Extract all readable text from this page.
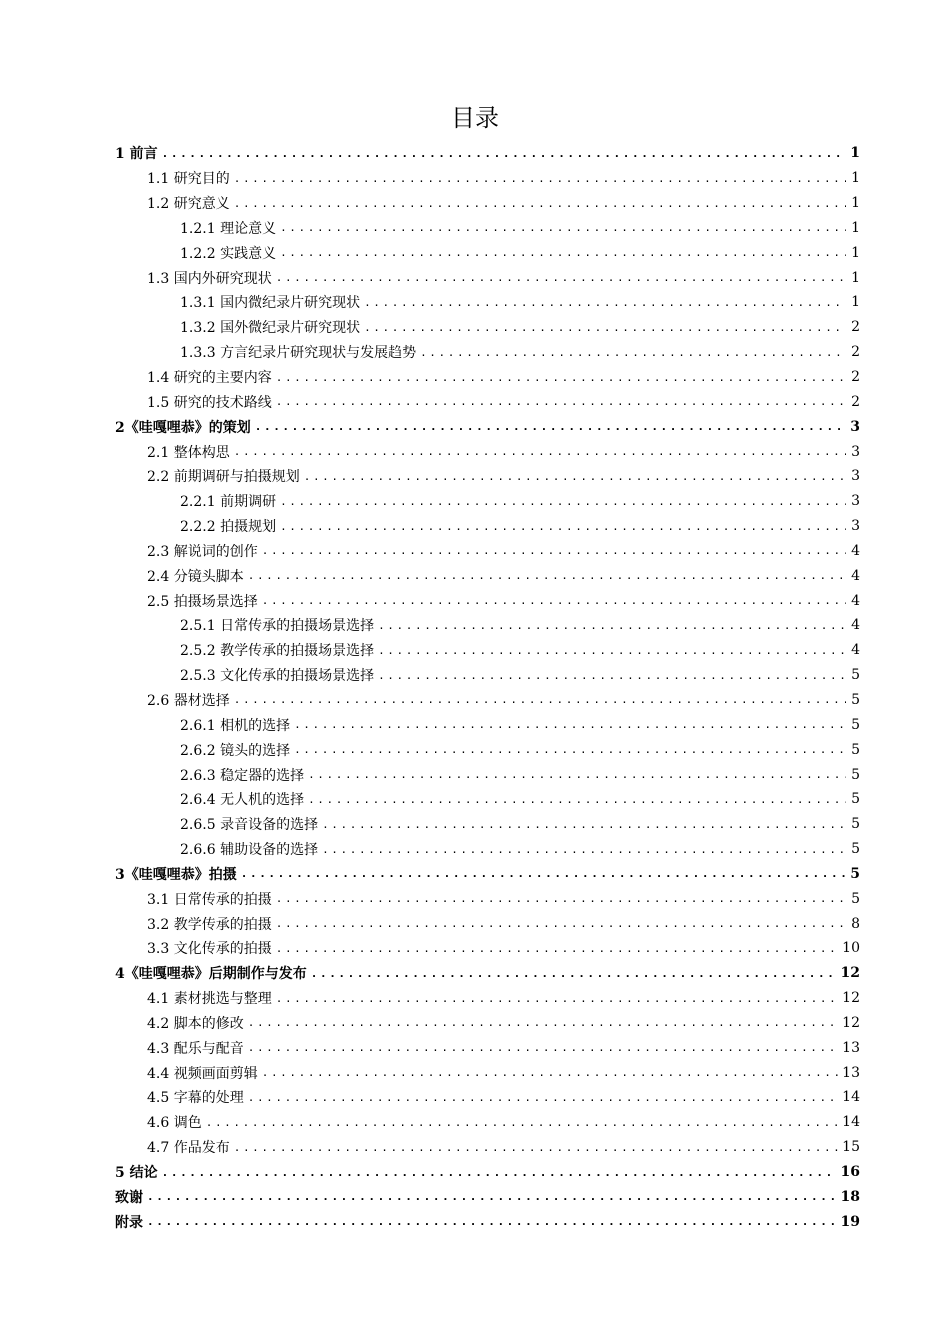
目录
1 前言 .....	1
1.1 研究目的 .....	1
1.2 研究意义 .....	1
1.2.1 理论意义 .....	1
1.2.2 实践意义 .....	1
1.3 国内外研究现状 .....	1
1.3.1 国内微纪录片研究现状 .....	1
1.3.2 国外微纪录片研究现状 .....	2
1.3.3 方言纪录片研究现状与发展趋势 .....	2
1.4 研究的主要内容 .....	2
1.5 研究的技术路线 .....	2
2《哇嘎哩恭》的策划 .....	3
2.1 整体构思 .....	3
2.2 前期调研与拍摄规划 .....	3
2.2.1 前期调研 .....	3
2.2.2 拍摄规划 .....	3
2.3 解说词的创作 .....	4
2.4 分镜头脚本 .....	4
2.5 拍摄场景选择 .....	4
2.5.1 日常传承的拍摄场景选择 .....	4
2.5.2 教学传承的拍摄场景选择 .....	4
2.5.3 文化传承的拍摄场景选择 .....	5
2.6 器材选择 .....	5
2.6.1 相机的选择 .....	5
2.6.2 镜头的选择 .....	5
2.6.3 稳定器的选择 .....	5
2.6.4 无人机的选择 .....	5
2.6.5 录音设备的选择 .....	5
2.6.6 辅助设备的选择 .....	5
3《哇嘎哩恭》拍摄 .....	5
3.1 日常传承的拍摄 .....	5
3.2 教学传承的拍摄 .....	8
3.3 文化传承的拍摄 .....	10
4《哇嘎哩恭》后期制作与发布 .....	12
4.1 素材挑选与整理 .....	12
4.2 脚本的修改 .....	12
4.3 配乐与配音 .....	13
4.4 视频画面剪辑 .....	13
4.5 字幕的处理 .....	14
4.6 调色 .....	14
4.7 作品发布 .....	15
5 结论 .....	16
致谢 .....	18
附录 .....	19
